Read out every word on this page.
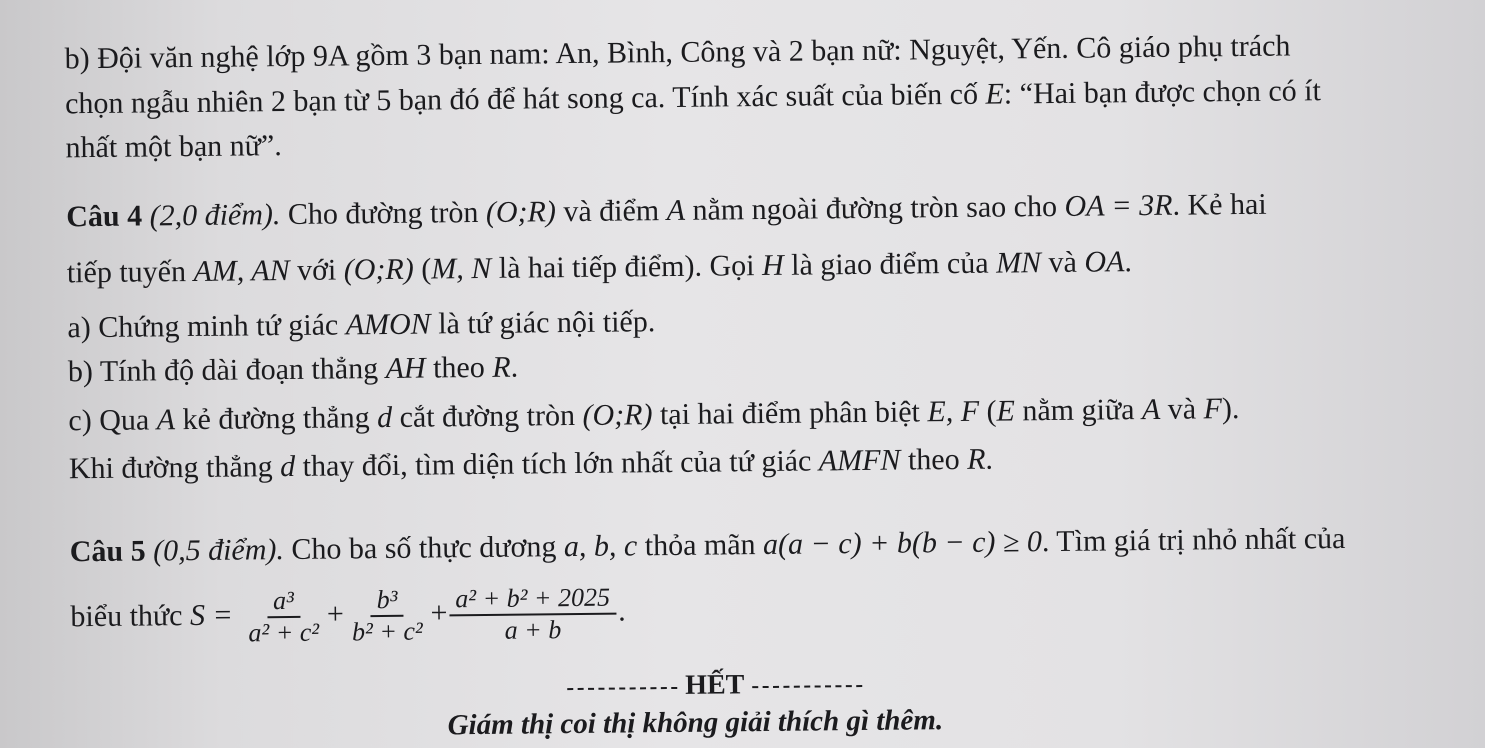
b) Đội văn nghệ lớp 9A gồm 3 bạn nam: An, Bình, Công và 2 bạn nữ: Nguyệt, Yến. Cô giáo phụ trách
chọn ngẫu nhiên 2 bạn từ 5 bạn đó để hát song ca. Tính xác suất của biến cố E: “Hai bạn được chọn có ít
nhất một bạn nữ”.
Câu 4 (2,0 điểm). Cho đường tròn (O;R) và điểm A nằm ngoài đường tròn sao cho OA = 3R. Kẻ hai
tiếp tuyến AM, AN với (O;R) (M, N là hai tiếp điểm). Gọi H là giao điểm của MN và OA.
a) Chứng minh tứ giác AMON là tứ giác nội tiếp.
b) Tính độ dài đoạn thẳng AH theo R.
c) Qua A kẻ đường thẳng d cắt đường tròn (O;R) tại hai điểm phân biệt E, F (E nằm giữa A và F).
Khi đường thẳng d thay đổi, tìm diện tích lớn nhất của tứ giác AMFN theo R.
Câu 5 (0,5 điểm). Cho ba số thực dương a, b, c thỏa mãn a(a − c) + b(b − c) ≥ 0. Tìm giá trị nhỏ nhất của
biểu thức $S = \frac{\text{a³}}{\text{a² + c²}} + \frac{\text{b³}}{\text{b² + c²}} + \frac{\text{a² + b² + 2025}}{a + b}$ .
HẾT
Giám thị coi thị không giải thích gì thêm.
